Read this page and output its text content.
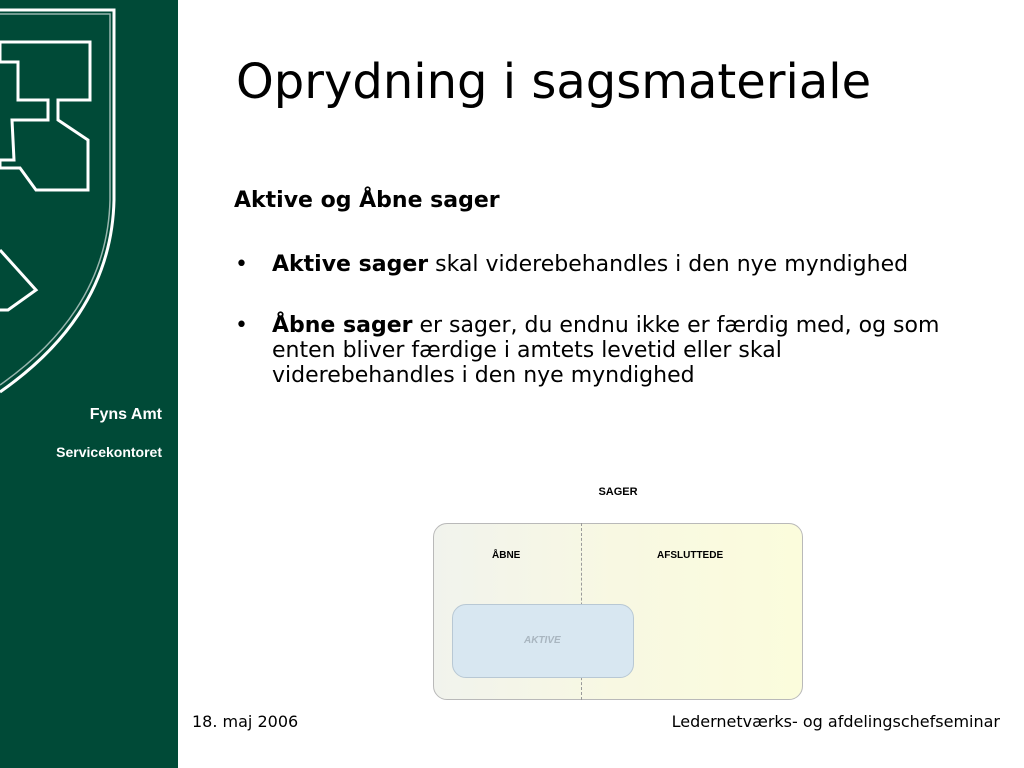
Fyns Amt
Servicekontoret
Oprydning i sagsmateriale
Aktive og Åbne sager
• Aktive sager skal viderebehandles i den nye myndighed
• Åbne sager er sager, du endnu ikke er færdig med, og som enten bliver færdige i amtets levetid eller skal viderebehandles i den nye myndighed
SAGER
ÅBNE	AFSLUTTEDE
AKTIVE
18. maj 2006	Ledernetværks- og afdelingschefseminar
